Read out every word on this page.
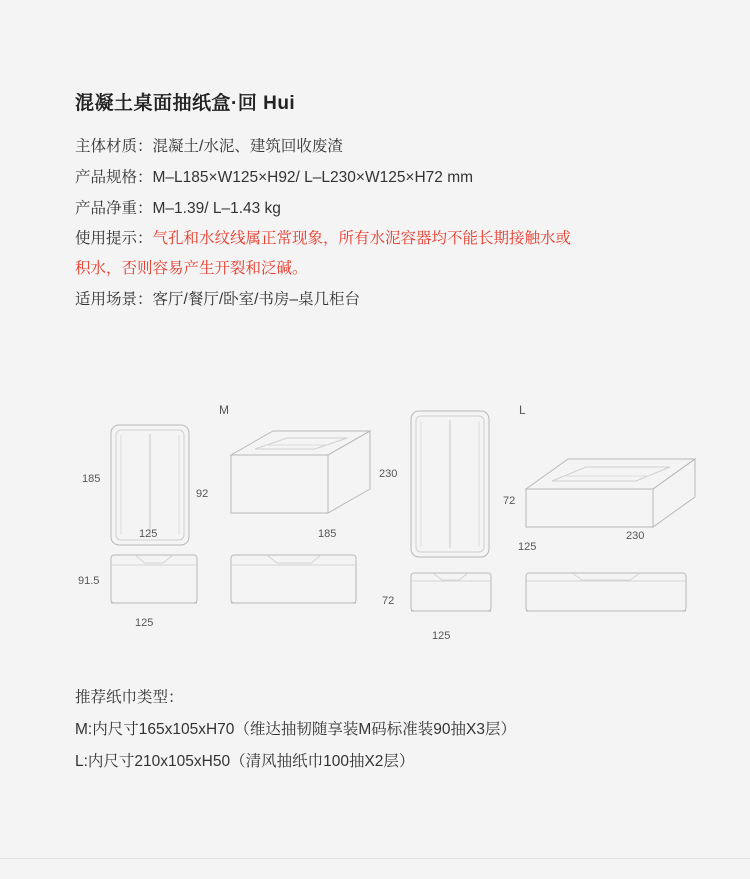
混凝土桌面抽纸盒·回 Hui
主体材质：混凝土/水泥、建筑回收废渣
产品规格：M–L185×W125×H92/ L–L230×W125×H72 mm
产品净重：M–1.39/ L–1.43 kg
使用提示：气孔和水纹线属正常现象，所有水泥容器均不能长期接触水或
积水，否则容易产生开裂和泛碱。
适用场景：客厅/餐厅/卧室/书房–桌几柜台
M	L
185
125
92
185
91.5
125
230
125
72
230
72
125
推荐纸巾类型：
M:内尺寸165x105xH70（维达抽韧随享装M码标准装90抽X3层）
L:内尺寸210x105xH50（清风抽纸巾100抽X2层）
